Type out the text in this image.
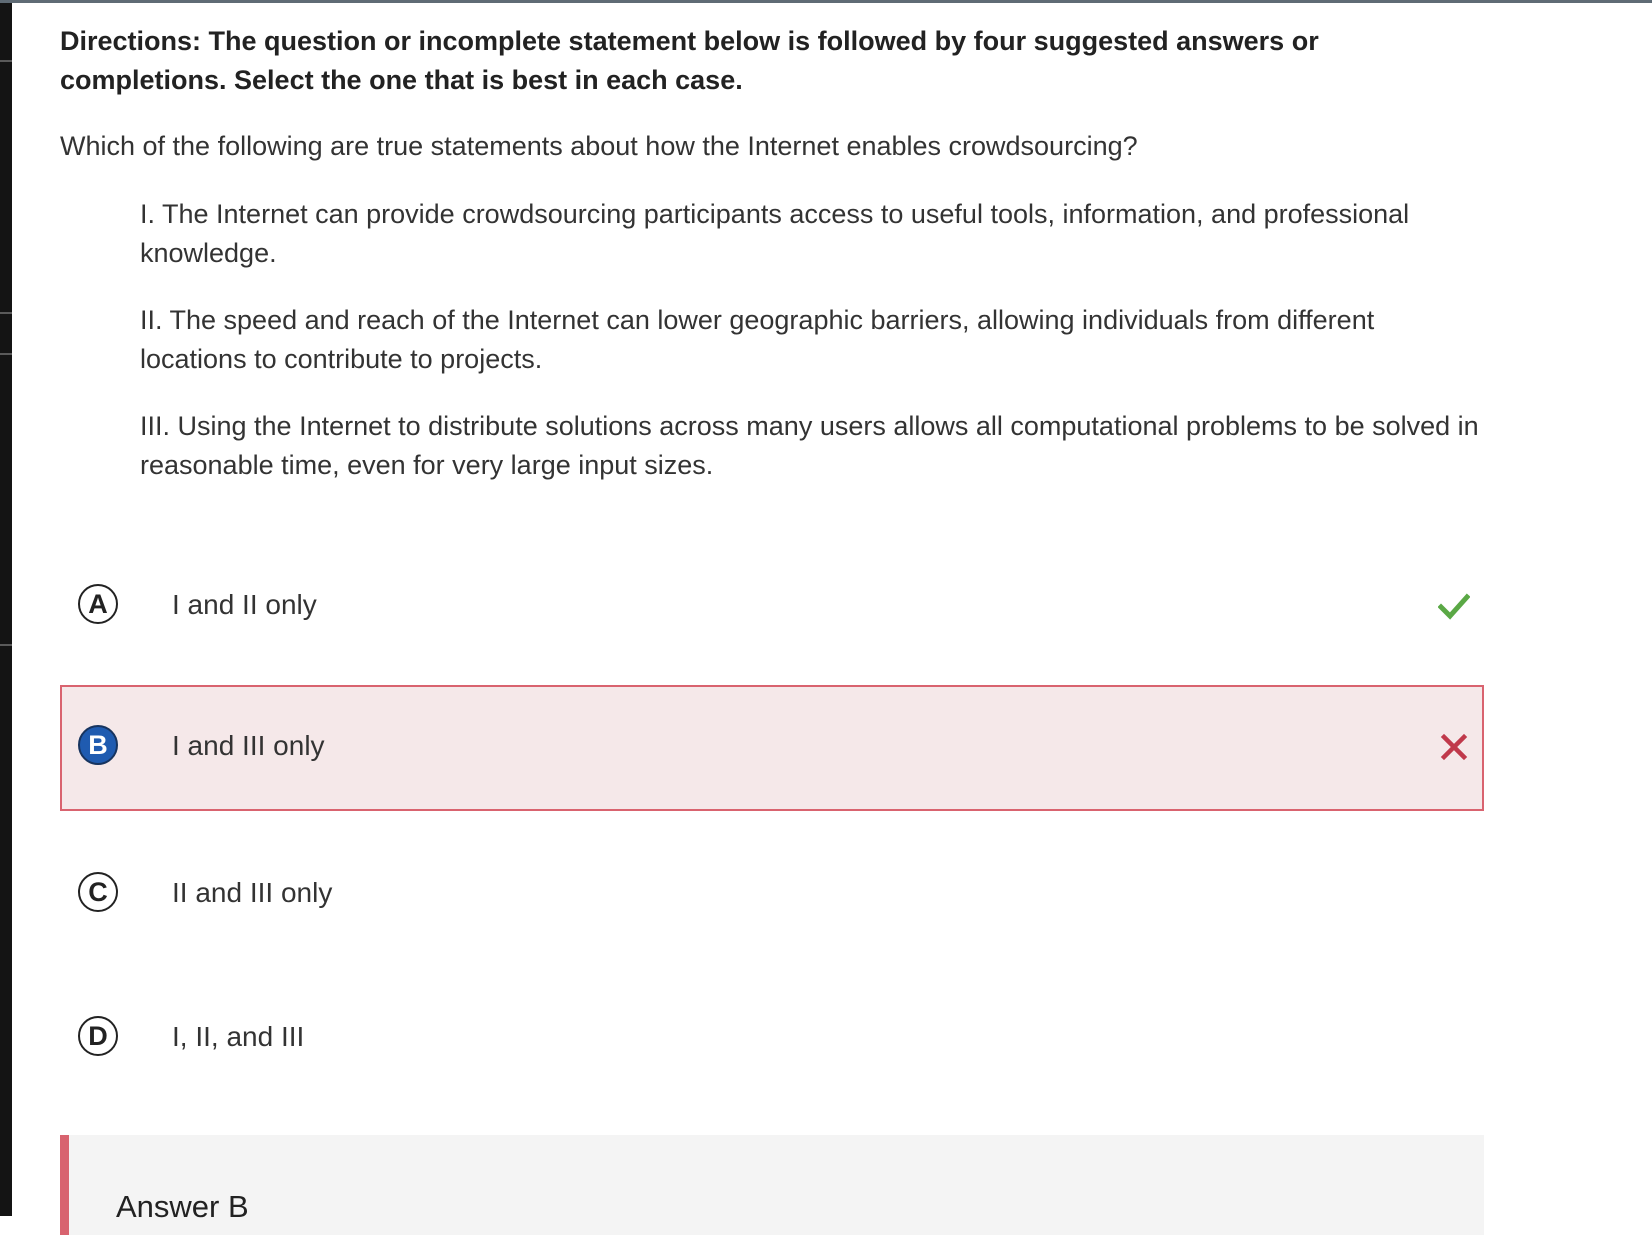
Directions: The question or incomplete statement below is followed by four suggested answers or completions. Select the one that is best in each case.

Which of the following are true statements about how the Internet enables crowdsourcing?

I. The Internet can provide crowdsourcing participants access to useful tools, information, and professional knowledge.

II. The speed and reach of the Internet can lower geographic barriers, allowing individuals from different locations to contribute to projects.

III. Using the Internet to distribute solutions across many users allows all computational problems to be solved in reasonable time, even for very large input sizes.

A	I and II only
B	I and III only
C	II and III only
D	I, II, and III
Answer B
